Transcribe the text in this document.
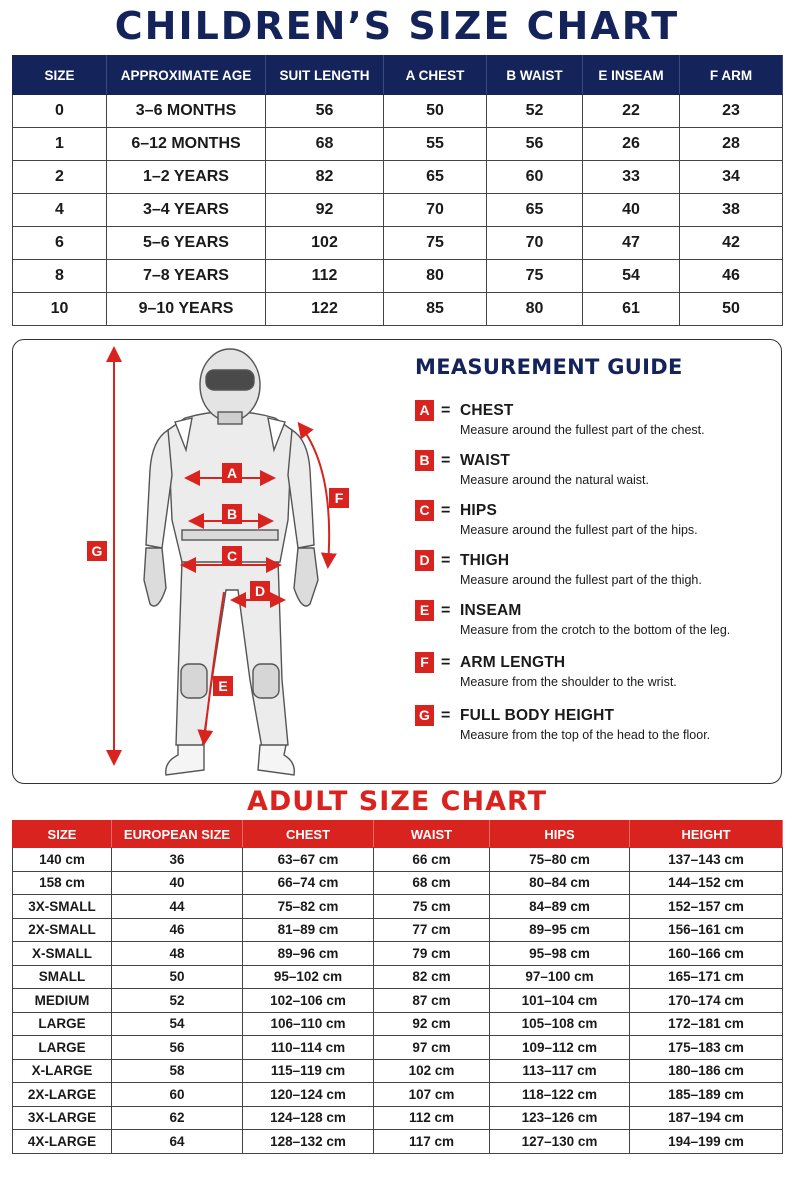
CHILDREN’S SIZE CHART
SIZE	APPROXIMATE AGE	SUIT LENGTH	A CHEST	B WAIST	E INSEAM	F ARM
0	3–6 MONTHS	56	50	52	22	23
1	6–12 MONTHS	68	55	56	26	28
2	1–2 YEARS	82	65	60	33	34
4	3–4 YEARS	92	70	65	40	38
6	5–6 YEARS	102	75	70	47	42
8	7–8 YEARS	112	80	75	54	46
10	9–10 YEARS	122	85	80	61	50
A
B
C
D
E
F
G
MEASUREMENT GUIDE
A = CHEST
Measure around the fullest part of the chest.
B = WAIST
Measure around the natural waist.
C = HIPS
Measure around the fullest part of the hips.
D = THIGH
Measure around the fullest part of the thigh.
E = INSEAM
Measure from the crotch to the bottom of the leg.
F = ARM LENGTH
Measure from the shoulder to the wrist.
G = FULL BODY HEIGHT
Measure from the top of the head to the floor.
ADULT SIZE CHART
SIZE	EUROPEAN SIZE	CHEST	WAIST	HIPS	HEIGHT
140 cm	36	63–67 cm	66 cm	75–80 cm	137–143 cm
158 cm	40	66–74 cm	68 cm	80–84 cm	144–152 cm
3X-SMALL	44	75–82 cm	75 cm	84–89 cm	152–157 cm
2X-SMALL	46	81–89 cm	77 cm	89–95 cm	156–161 cm
X-SMALL	48	89–96 cm	79 cm	95–98 cm	160–166 cm
SMALL	50	95–102 cm	82 cm	97–100 cm	165–171 cm
MEDIUM	52	102–106 cm	87 cm	101–104 cm	170–174 cm
LARGE	54	106–110 cm	92 cm	105–108 cm	172–181 cm
LARGE	56	110–114 cm	97 cm	109–112 cm	175–183 cm
X-LARGE	58	115–119 cm	102 cm	113–117 cm	180–186 cm
2X-LARGE	60	120–124 cm	107 cm	118–122 cm	185–189 cm
3X-LARGE	62	124–128 cm	112 cm	123–126 cm	187–194 cm
4X-LARGE	64	128–132 cm	117 cm	127–130 cm	194–199 cm
